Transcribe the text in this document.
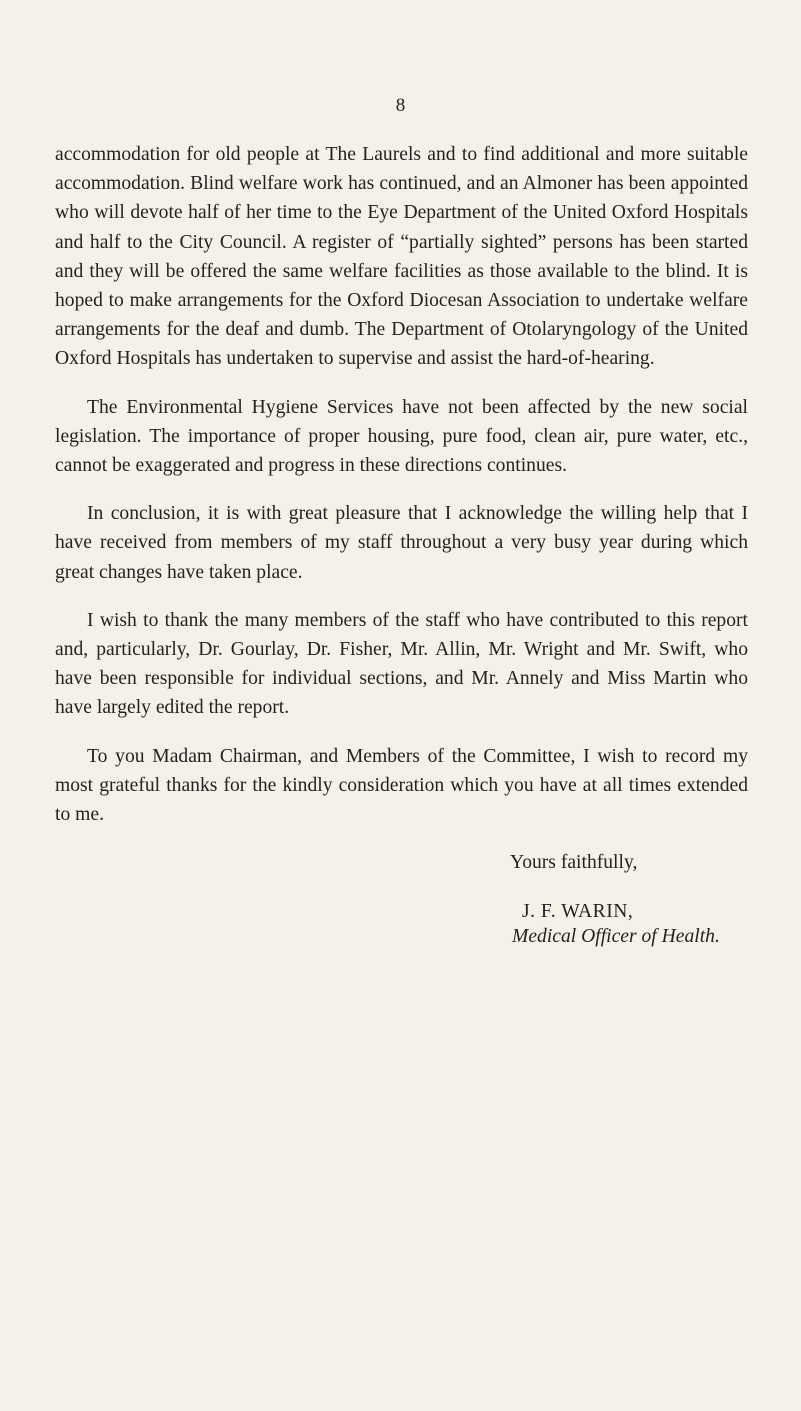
8

accommodation for old people at The Laurels and to find additional and more suitable accommodation. Blind welfare work has continued, and an Almoner has been appointed who will devote half of her time to the Eye Department of the United Oxford Hospitals and half to the City Council. A register of “partially sighted” persons has been started and they will be offered the same welfare facilities as those available to the blind. It is hoped to make arrangements for the Oxford Diocesan Association to undertake welfare arrangements for the deaf and dumb. The Department of Otolaryngology of the United Oxford Hospitals has undertaken to supervise and assist the hard-of-hearing.

The Environmental Hygiene Services have not been affected by the new social legislation. The importance of proper housing, pure food, clean air, pure water, etc., cannot be exaggerated and progress in these directions continues.

In conclusion, it is with great pleasure that I acknowledge the willing help that I have received from members of my staff throughout a very busy year during which great changes have taken place.

I wish to thank the many members of the staff who have contributed to this report and, particularly, Dr. Gourlay, Dr. Fisher, Mr. Allin, Mr. Wright and Mr. Swift, who have been responsible for individual sections, and Mr. Annely and Miss Martin who have largely edited the report.

To you Madam Chairman, and Members of the Committee, I wish to record my most grateful thanks for the kindly consideration which you have at all times extended to me.

Yours faithfully,

J. F. WARIN,
Medical Officer of Health.
